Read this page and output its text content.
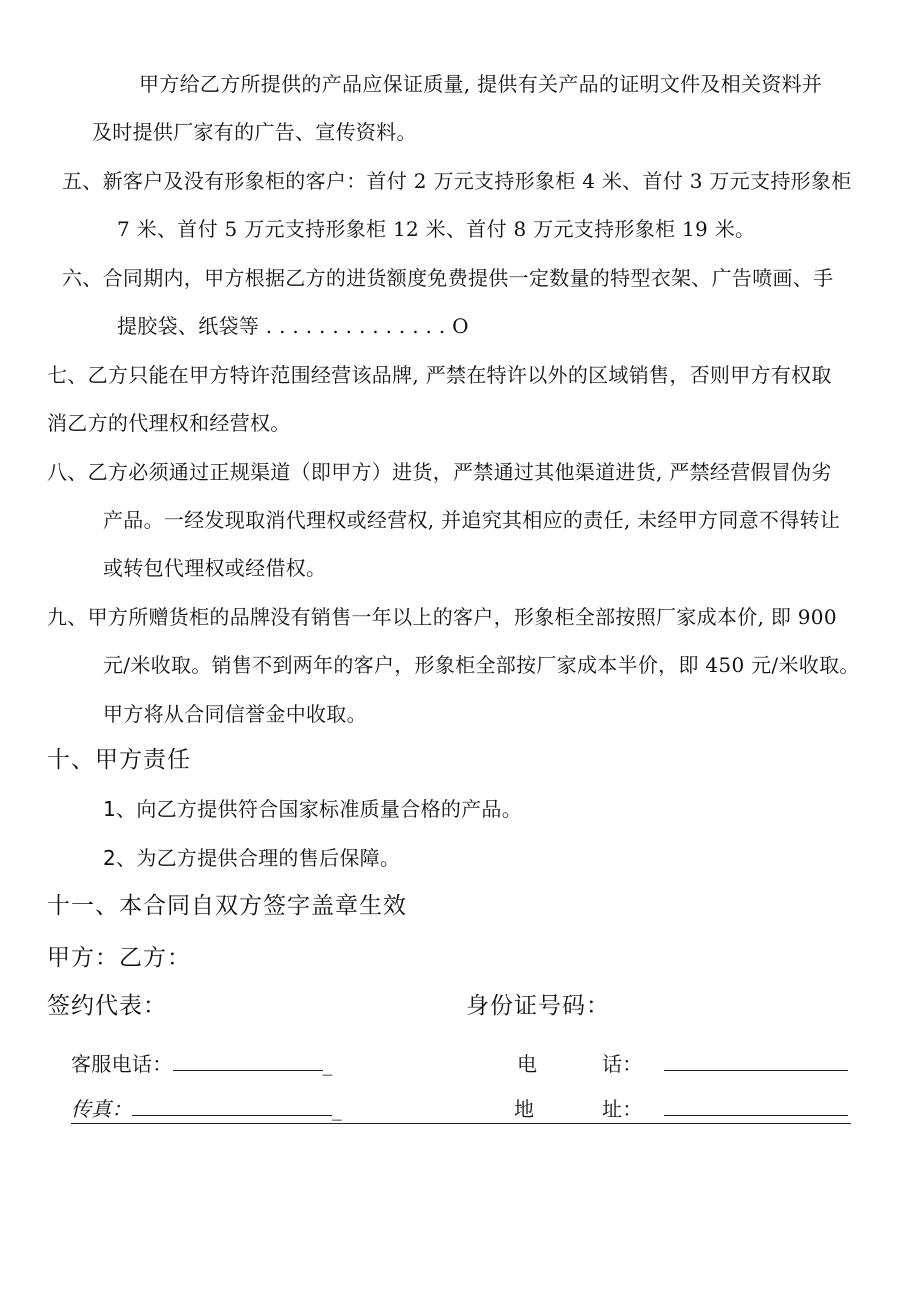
甲方给乙方所提供的产品应保证质量, 提供有关产品的证明文件及相关资料并
及时提供厂家有的广告、宣传资料。
五、新客户及没有形象柜的客户：首付 2 万元支持形象柜 4 米、首付 3 万元支持形象柜
7 米、首付 5 万元支持形象柜 12 米、首付 8 万元支持形象柜 19 米。
六、合同期内，甲方根据乙方的进货额度免费提供一定数量的特型衣架、广告喷画、手
提胶袋、纸袋等 . . . . . . . . . . . . . . O
七、乙方只能在甲方特许范围经营该品牌, 严禁在特许以外的区域销售，否则甲方有权取
消乙方的代理权和经营权。
八、乙方必须通过正规渠道（即甲方）进货，严禁通过其他渠道进货, 严禁经营假冒伪劣
产品。一经发现取消代理权或经营权, 并追究其相应的责任, 未经甲方同意不得转让
或转包代理权或经借权。
九、甲方所赠货柜的品牌没有销售一年以上的客户，形象柜全部按照厂家成本价, 即 900
元/米收取。销售不到两年的客户，形象柜全部按厂家成本半价，即 450 元/米收取。
甲方将从合同信誉金中收取。
十、甲方责任
1、向乙方提供符合国家标准质量合格的产品。
2、为乙方提供合理的售后保障。
十一、本合同自双方签字盖章生效
甲方：乙方：
签约代表：	身份证号码：
客服电话：	_	电	话：
传真：	_	地	址：
